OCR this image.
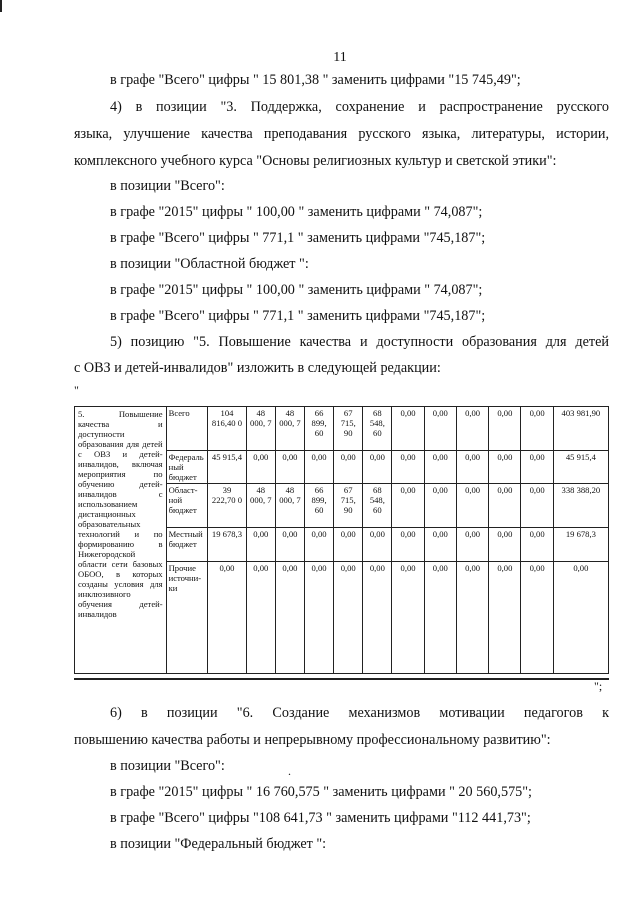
11
в графе "Всего" цифры " 15 801,38 " заменить цифрами "15 745,49";
4) в позиции "3. Поддержка, сохранение и распространение русского
языка, улучшение качества преподавания русского языка, литературы, истории,
комплексного учебного курса "Основы религиозных культур и светской этики":
в позиции "Всего":
в графе "2015" цифры " 100,00 " заменить цифрами " 74,087";
в графе "Всего" цифры " 771,1 " заменить цифрами "745,187";
в позиции "Областной бюджет ":
в графе "2015" цифры " 100,00 " заменить цифрами " 74,087";
в графе "Всего" цифры " 771,1 " заменить цифрами "745,187";
5) позицию "5. Повышение качества и доступности образования для детей
с ОВЗ и детей-инвалидов" изложить в следующей редакции:
"
5. Повышение качества и доступности образования для детей с ОВЗ и детей-инвалидов, включая мероприятия по обучению детей-инвалидов с использованием дистанционных образовательных технологий и по формированию в Нижегородской области сети базовых ОБОО, в которых созданы условия для инклюзивного обучения детей-инвалидов	Всего	104 816,40 0	48 000, 7	48 000, 7	66 899, 60	67 715, 90	68 548, 60	0,00	0,00	0,00	0,00	0,00	403 981,90
	Федераль ный бюджет	45 915,4	0,00	0,00	0,00	0,00	0,00	0,00	0,00	0,00	0,00	0,00	45 915,4
	Област-ной бюджет	39 222,70 0	48 000, 7	48 000, 7	66 899, 60	67 715, 90	68 548, 60	0,00	0,00	0,00	0,00	0,00	338 388,20
	Местный бюджет	19 678,3	0,00	0,00	0,00	0,00	0,00	0,00	0,00	0,00	0,00	0,00	19 678,3
	Прочие источни-ки	0,00	0,00	0,00	0,00	0,00	0,00	0,00	0,00	0,00	0,00	0,00	0,00
";
6) в позиции "6. Создание механизмов мотивации педагогов к
повышению качества работы и непрерывному профессиональному развитию":
в позиции "Всего":	.
в графе "2015" цифры " 16 760,575 " заменить цифрами " 20 560,575";
в графе "Всего" цифры "108 641,73 " заменить цифрами "112 441,73";
в позиции "Федеральный бюджет ":
